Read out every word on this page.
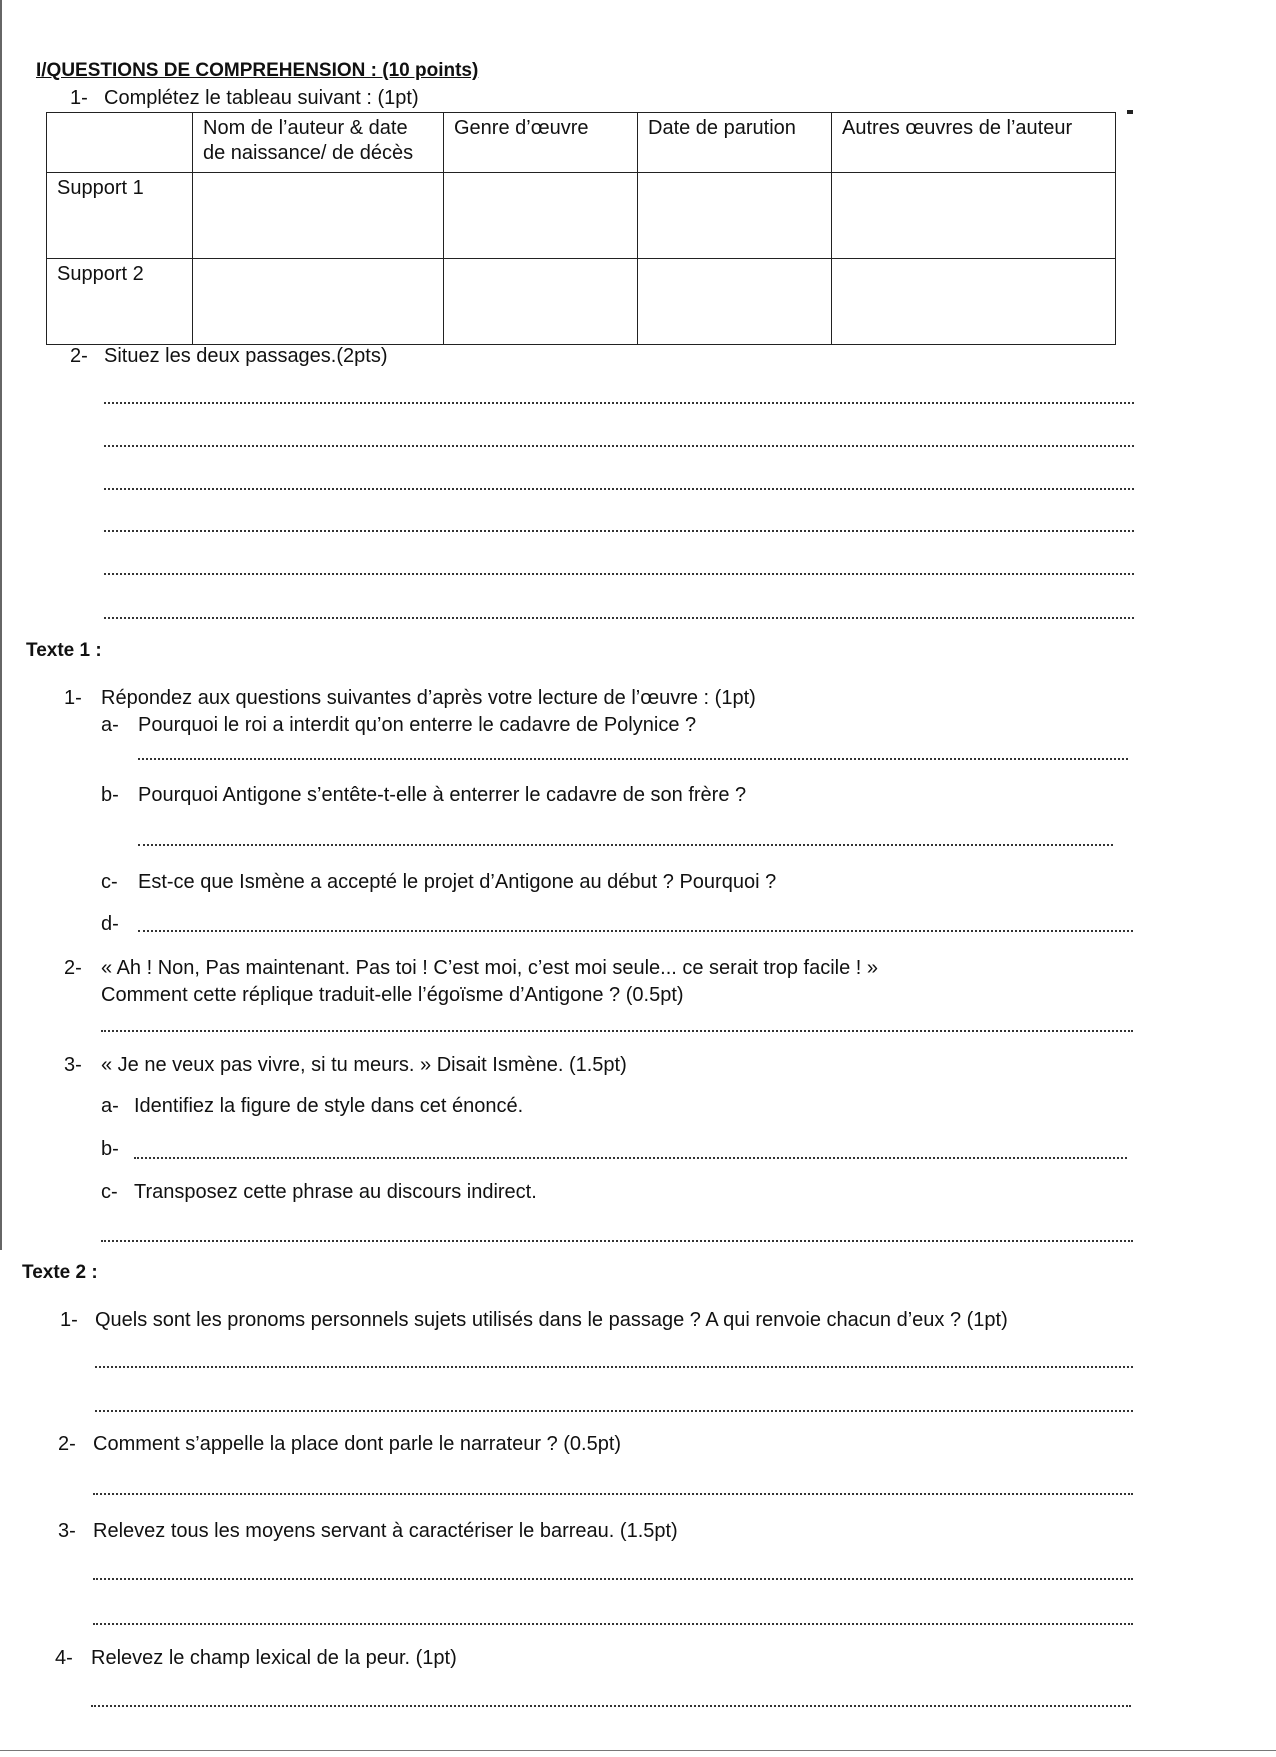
I/QUESTIONS DE COMPREHENSION : (10 points)
1- Complétez le tableau suivant : (1pt)

	Nom de l’auteur & date
de naissance/ de décès	Genre d’œuvre	Date de parution	Autres œuvres de l’auteur
Support 1				
Support 2				
2- Situez les deux passages.(2pts)
Texte 1 :
1- Répondez aux questions suivantes d’après votre lecture de l’œuvre : (1pt)
a- Pourquoi le roi a interdit qu’on enterre le cadavre de Polynice ?
b- Pourquoi Antigone s’entête-t-elle à enterrer le cadavre de son frère ?
c- Est-ce que Ismène a accepté le projet d’Antigone au début ? Pourquoi ?
d-
2- « Ah ! Non, Pas maintenant. Pas toi ! C’est moi, c’est moi seule... ce serait trop facile ! »
Comment cette réplique traduit-elle l’égoïsme d’Antigone ? (0.5pt)
3- « Je ne veux pas vivre, si tu meurs. » Disait Ismène. (1.5pt)
a- Identifiez la figure de style dans cet énoncé.
b-
c- Transposez cette phrase au discours indirect.
Texte 2 :
1- Quels sont les pronoms personnels sujets utilisés dans le passage ? A qui renvoie chacun d’eux ? (1pt)
2- Comment s’appelle la place dont parle le narrateur ? (0.5pt)
3- Relevez tous les moyens servant à caractériser le barreau. (1.5pt)
4- Relevez le champ lexical de la peur. (1pt)
